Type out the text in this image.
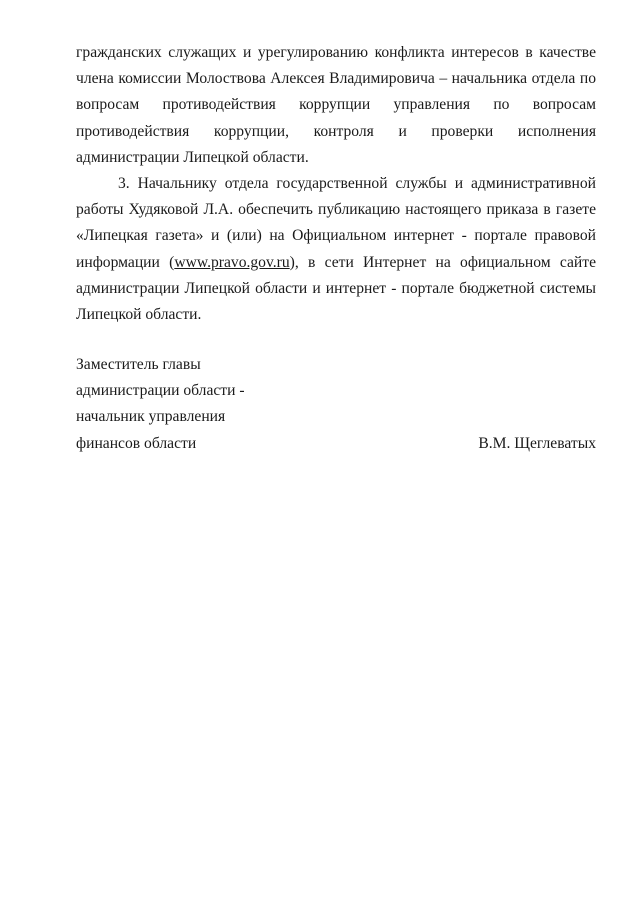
гражданских служащих и урегулированию конфликта интересов в качестве члена комиссии Молоствова Алексея Владимировича – начальника отдела по вопросам противодействия коррупции управления по вопросам противодействия коррупции, контроля и проверки исполнения администрации Липецкой области.

3. Начальнику отдела государственной службы и административной работы Худяковой Л.А. обеспечить публикацию настоящего приказа в газете «Липецкая газета» и (или) на Официальном интернет - портале правовой информации (www.pravo.gov.ru), в сети Интернет на официальном сайте администрации Липецкой области и интернет - портале бюджетной системы Липецкой области.

Заместитель главы
администрации области -
начальник управления
финансов области	В.М. Щеглеватых
